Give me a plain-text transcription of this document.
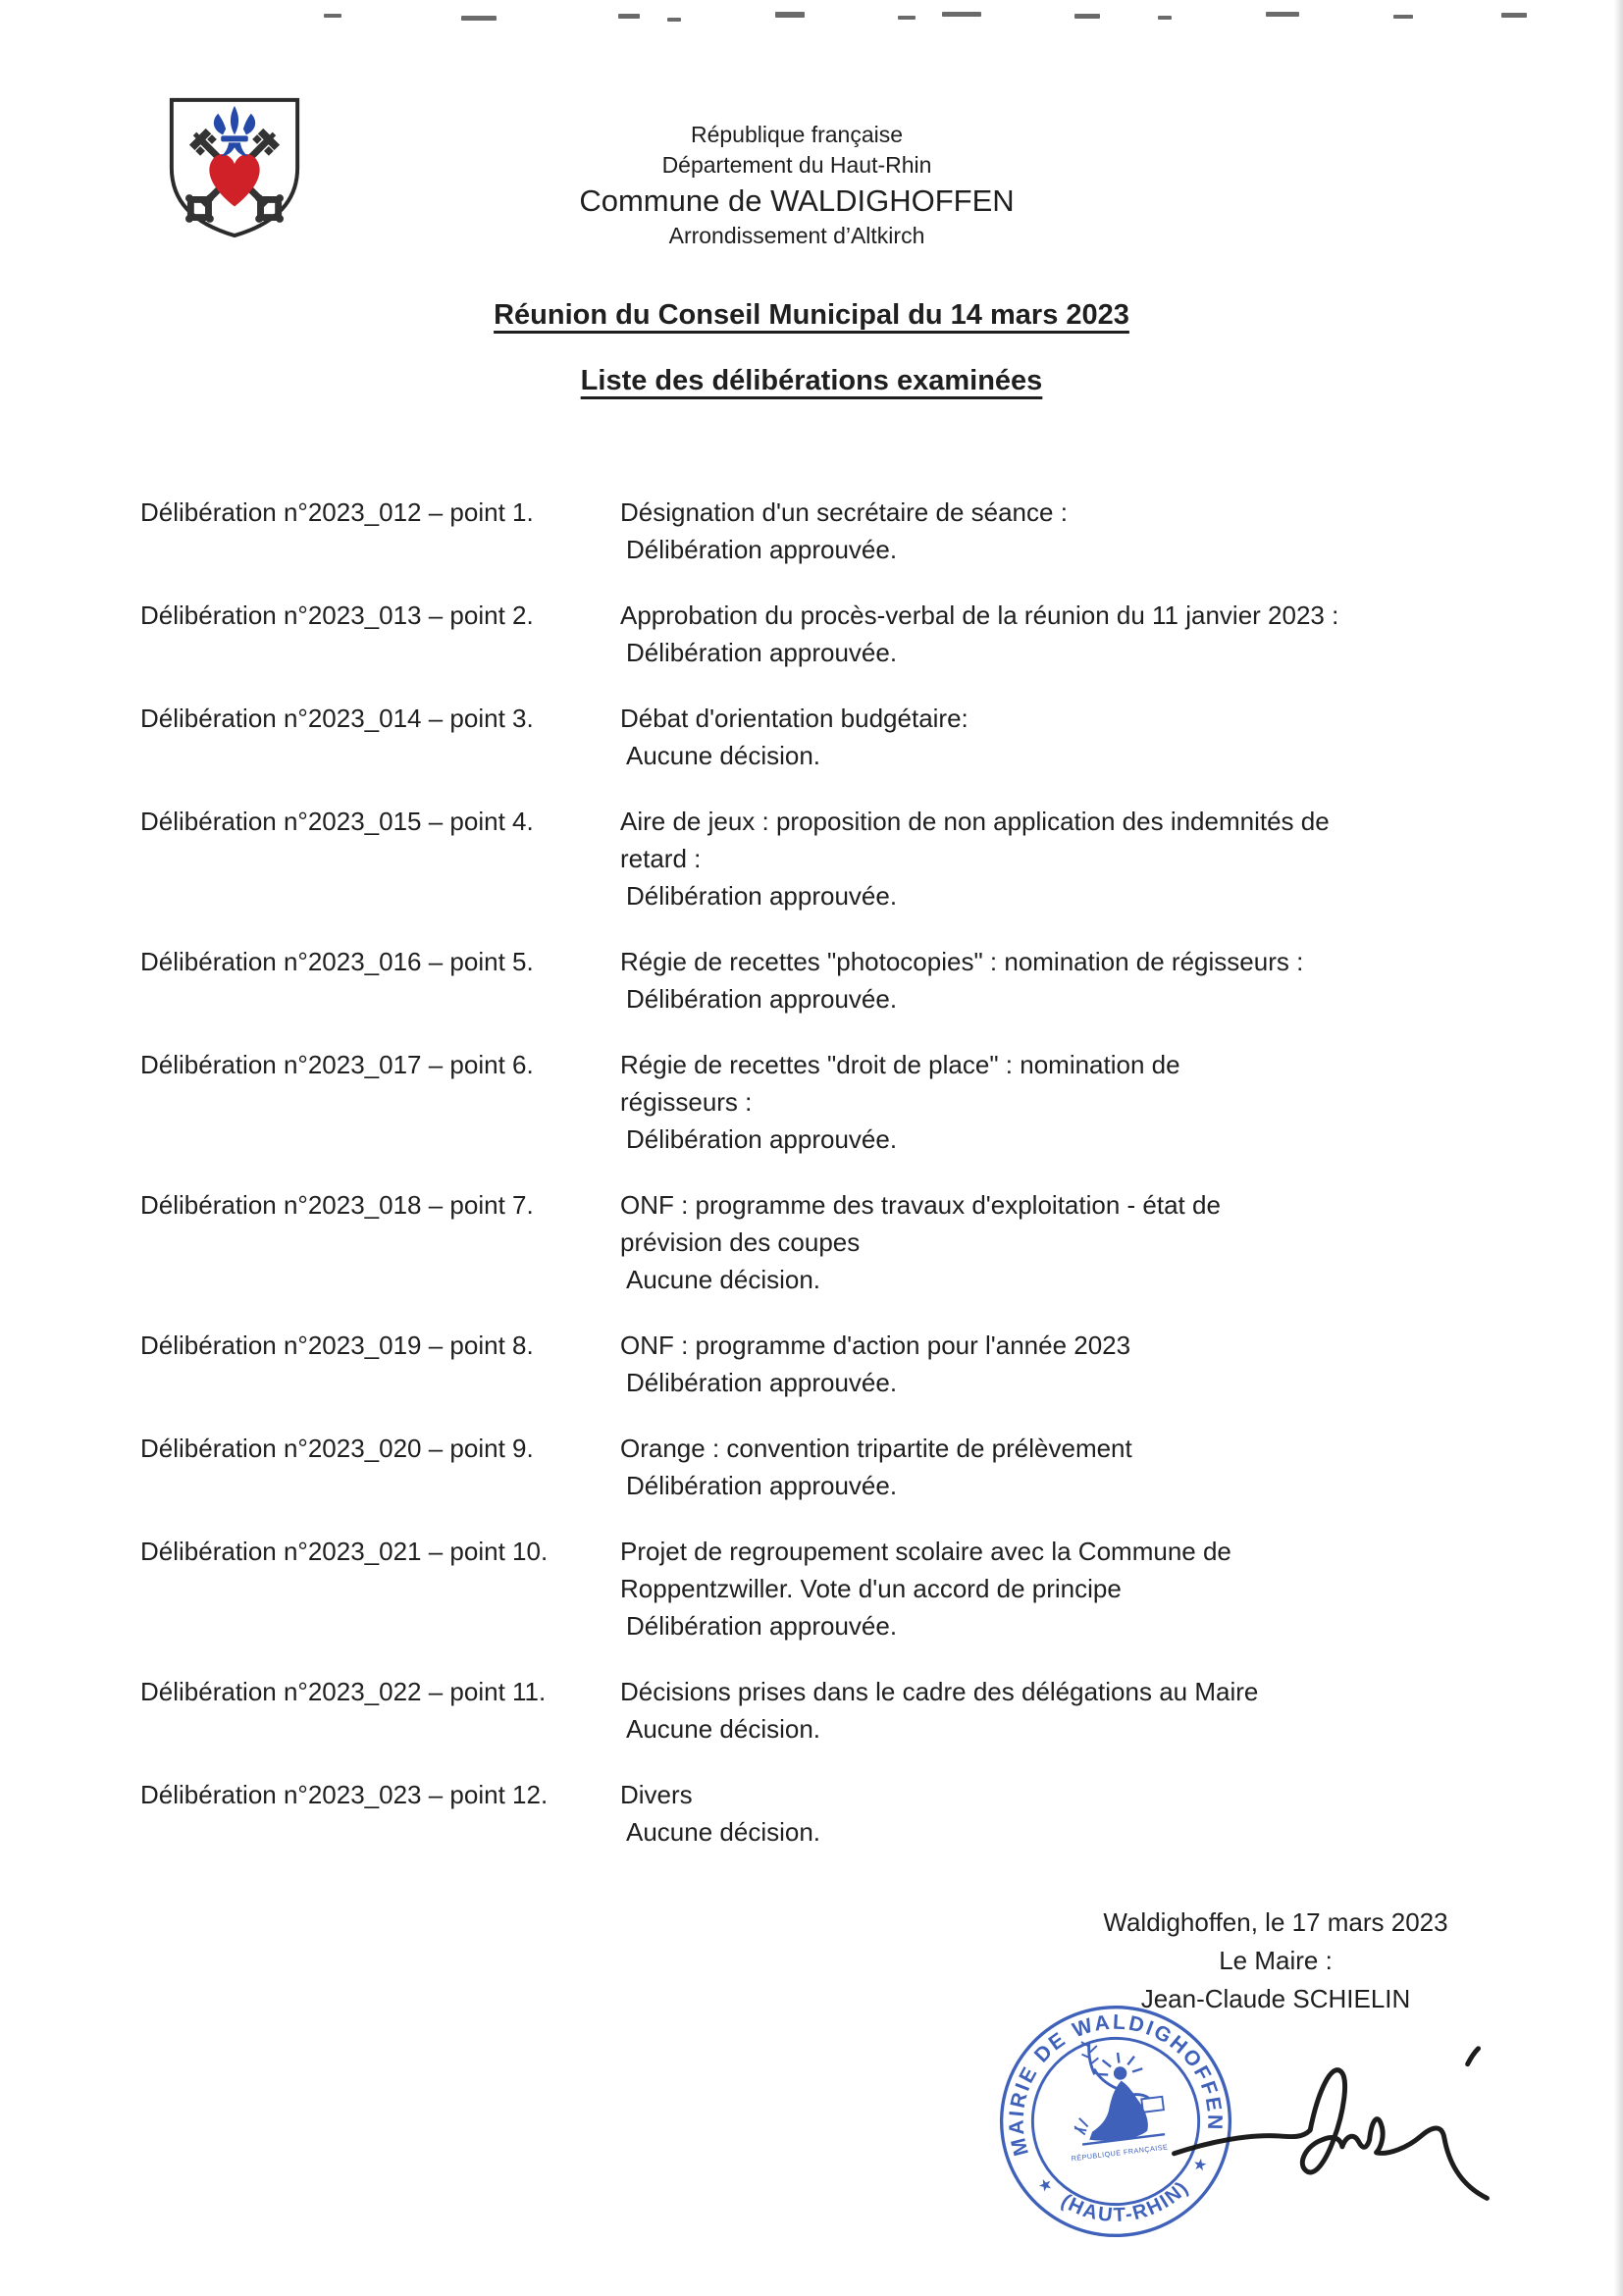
République française
Département du Haut-Rhin
Commune de WALDIGHOFFEN
Arrondissement d’Altkirch
Réunion du Conseil Municipal du 14 mars 2023
Liste des délibérations examinées
Délibération n°2023_012 – point 1.	Désignation d'un secrétaire de séance :
Délibération approuvée.
Délibération n°2023_013 – point 2.	Approbation du procès-verbal de la réunion du 11 janvier 2023 :
Délibération approuvée.
Délibération n°2023_014 – point 3.	Débat d'orientation budgétaire:
Aucune décision.
Délibération n°2023_015 – point 4.	Aire de jeux : proposition de non application des indemnités de
retard :
Délibération approuvée.
Délibération n°2023_016 – point 5.	Régie de recettes "photocopies" : nomination de régisseurs :
Délibération approuvée.
Délibération n°2023_017 – point 6.	Régie de recettes "droit de place" : nomination de
régisseurs :
Délibération approuvée.
Délibération n°2023_018 – point 7.	ONF : programme des travaux d'exploitation - état de
prévision des coupes
Aucune décision.
Délibération n°2023_019 – point 8.	ONF : programme d'action pour l'année 2023
Délibération approuvée.
Délibération n°2023_020 – point 9.	Orange : convention tripartite de prélèvement
Délibération approuvée.
Délibération n°2023_021 – point 10.	Projet de regroupement scolaire avec la Commune de
Roppentzwiller. Vote d'un accord de principe
Délibération approuvée.
Délibération n°2023_022 – point 11.	Décisions prises dans le cadre des délégations au Maire
Aucune décision.
Délibération n°2023_023 – point 12.	Divers
Aucune décision.
Waldighoffen, le 17 mars 2023
Le Maire :
Jean-Claude SCHIELIN
MAIRIE DE WALDIGHOFFEN
(HAUT-RHIN)
★
★
RÉPUBLIQUE FRANÇAISE
